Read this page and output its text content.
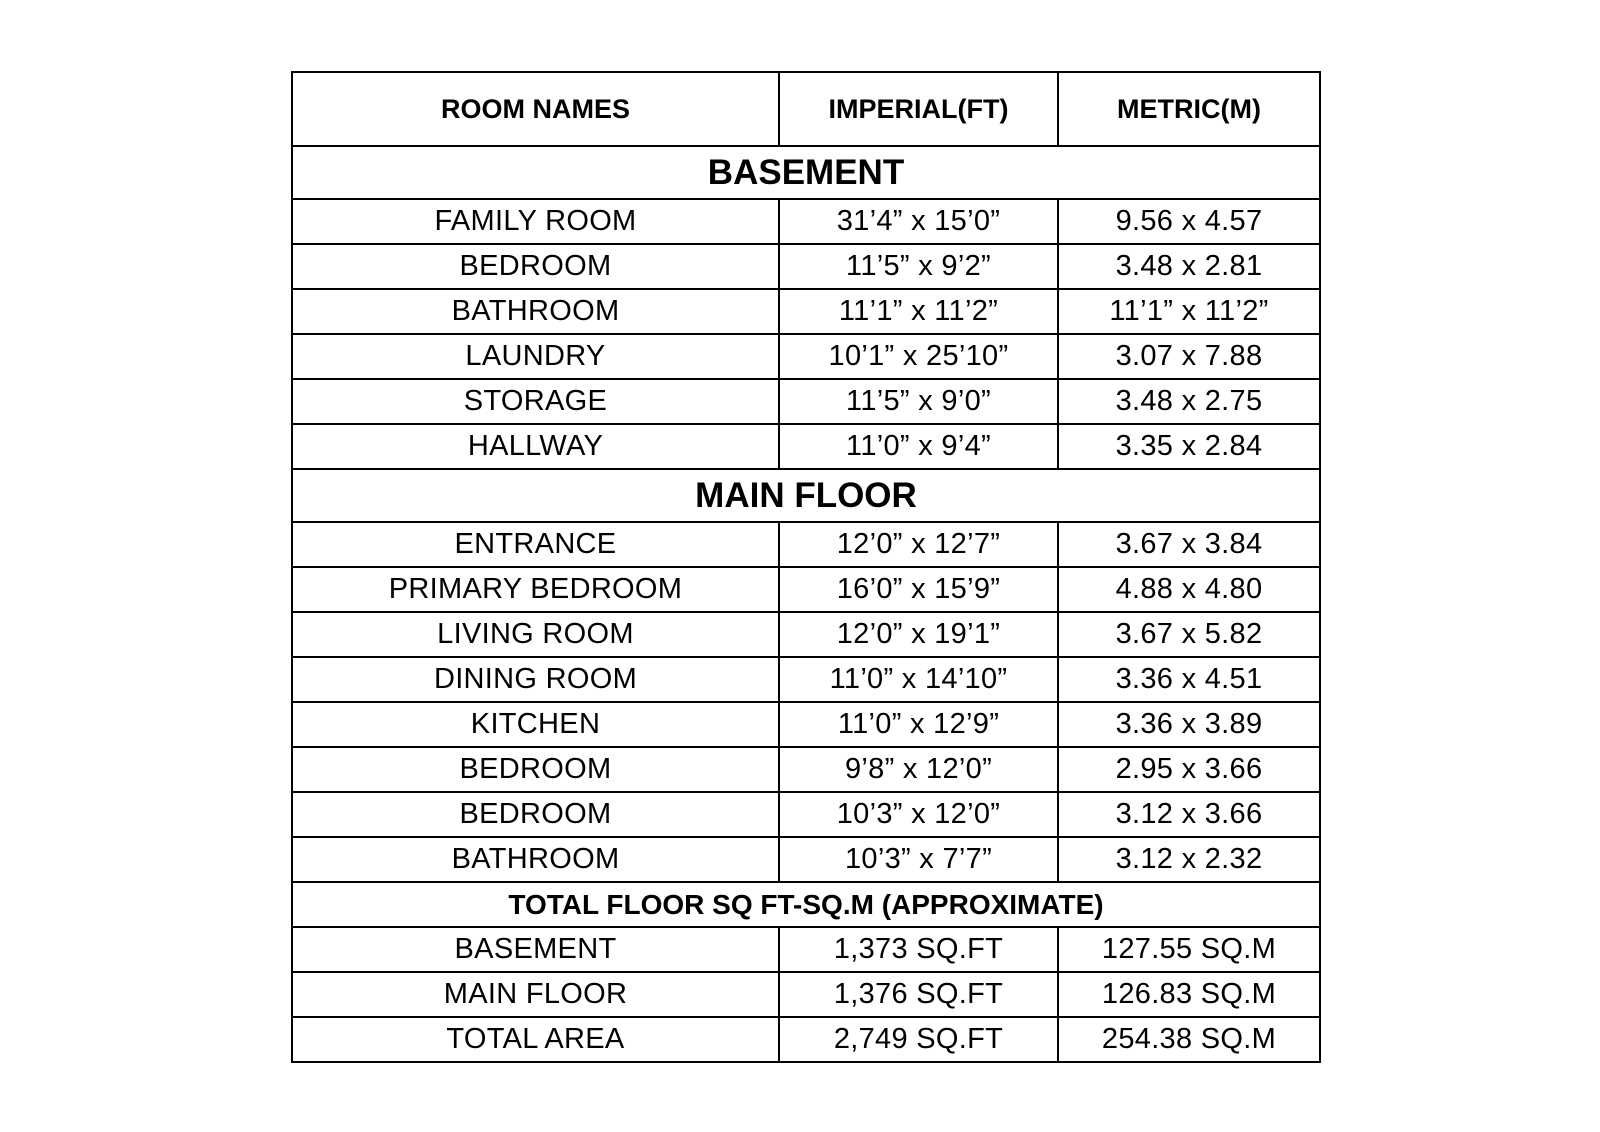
ROOM NAMES	IMPERIAL(FT)	METRIC(M)
BASEMENT		
FAMILY ROOM	31’4” x 15’0”	9.56 x 4.57
BEDROOM	11’5” x 9’2”	3.48 x 2.81
BATHROOM	11’1” x 11’2”	11’1” x 11’2”
LAUNDRY	10’1” x 25’10”	3.07 x 7.88
STORAGE	11’5” x 9’0”	3.48 x 2.75
HALLWAY	11’0” x 9’4”	3.35 x 2.84
MAIN FLOOR		
ENTRANCE	12’0” x 12’7”	3.67 x 3.84
PRIMARY BEDROOM	16’0” x 15’9”	4.88 x 4.80
LIVING ROOM	12’0” x 19’1”	3.67 x 5.82
DINING ROOM	11’0” x 14’10”	3.36 x 4.51
KITCHEN	11’0” x 12’9”	3.36 x 3.89
BEDROOM	9’8” x 12’0”	2.95 x 3.66
BEDROOM	10’3” x 12’0”	3.12 x 3.66
BATHROOM	10’3” x 7’7”	3.12 x 2.32
TOTAL FLOOR SQ FT-SQ.M (APPROXIMATE)		
BASEMENT	1,373 SQ.FT	127.55 SQ.M
MAIN FLOOR	1,376 SQ.FT	126.83 SQ.M
TOTAL AREA	2,749 SQ.FT	254.38 SQ.M
